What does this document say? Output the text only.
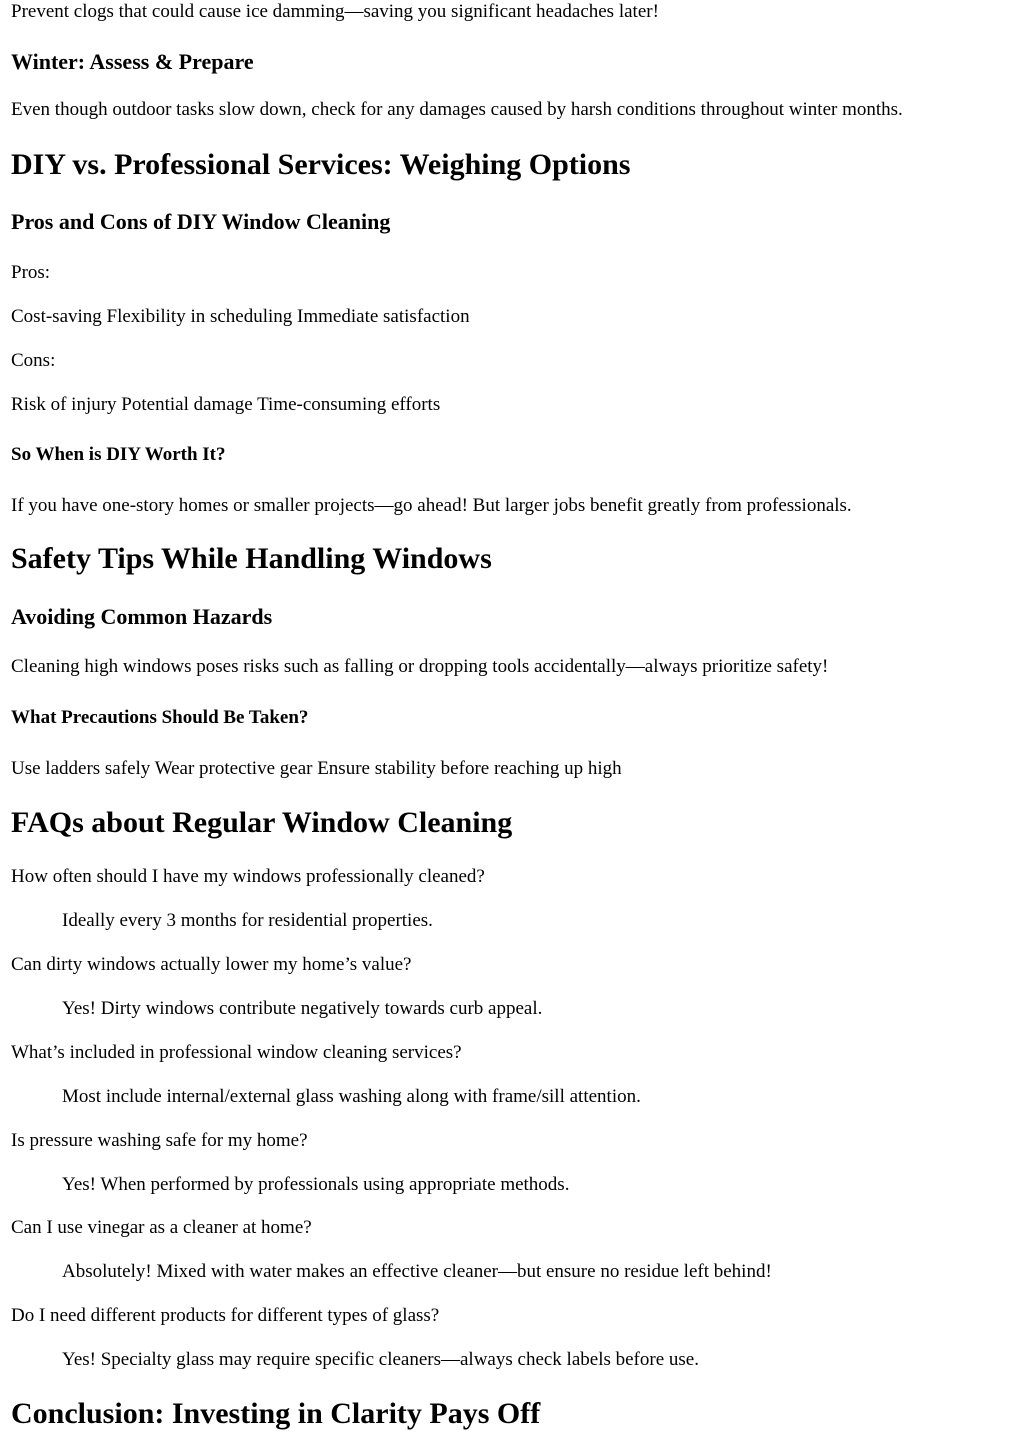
Prevent clogs that could cause ice damming—saving you significant headaches later!

Winter: Assess & Prepare

Even though outdoor tasks slow down, check for any damages caused by harsh conditions throughout winter months.

DIY vs. Professional Services: Weighing Options
Pros and Cons of DIY Window Cleaning

Pros:

Cost-saving Flexibility in scheduling Immediate satisfaction

Cons:

Risk of injury Potential damage Time-consuming efforts

So When is DIY Worth It?

If you have one-story homes or smaller projects—go ahead! But larger jobs benefit greatly from professionals.

Safety Tips While Handling Windows
Avoiding Common Hazards

Cleaning high windows poses risks such as falling or dropping tools accidentally—always prioritize safety!

What Precautions Should Be Taken?

Use ladders safely Wear protective gear Ensure stability before reaching up high

FAQs about Regular Window Cleaning

How often should I have my windows professionally cleaned?

Ideally every 3 months for residential properties.

Can dirty windows actually lower my home’s value?

Yes! Dirty windows contribute negatively towards curb appeal.

What’s included in professional window cleaning services?

Most include internal/external glass washing along with frame/sill attention.

Is pressure washing safe for my home?

Yes! When performed by professionals using appropriate methods.

Can I use vinegar as a cleaner at home?

Absolutely! Mixed with water makes an effective cleaner—but ensure no residue left behind!

Do I need different products for different types of glass?

Yes! Specialty glass may require specific cleaners—always check labels before use.

Conclusion: Investing in Clarity Pays Off
